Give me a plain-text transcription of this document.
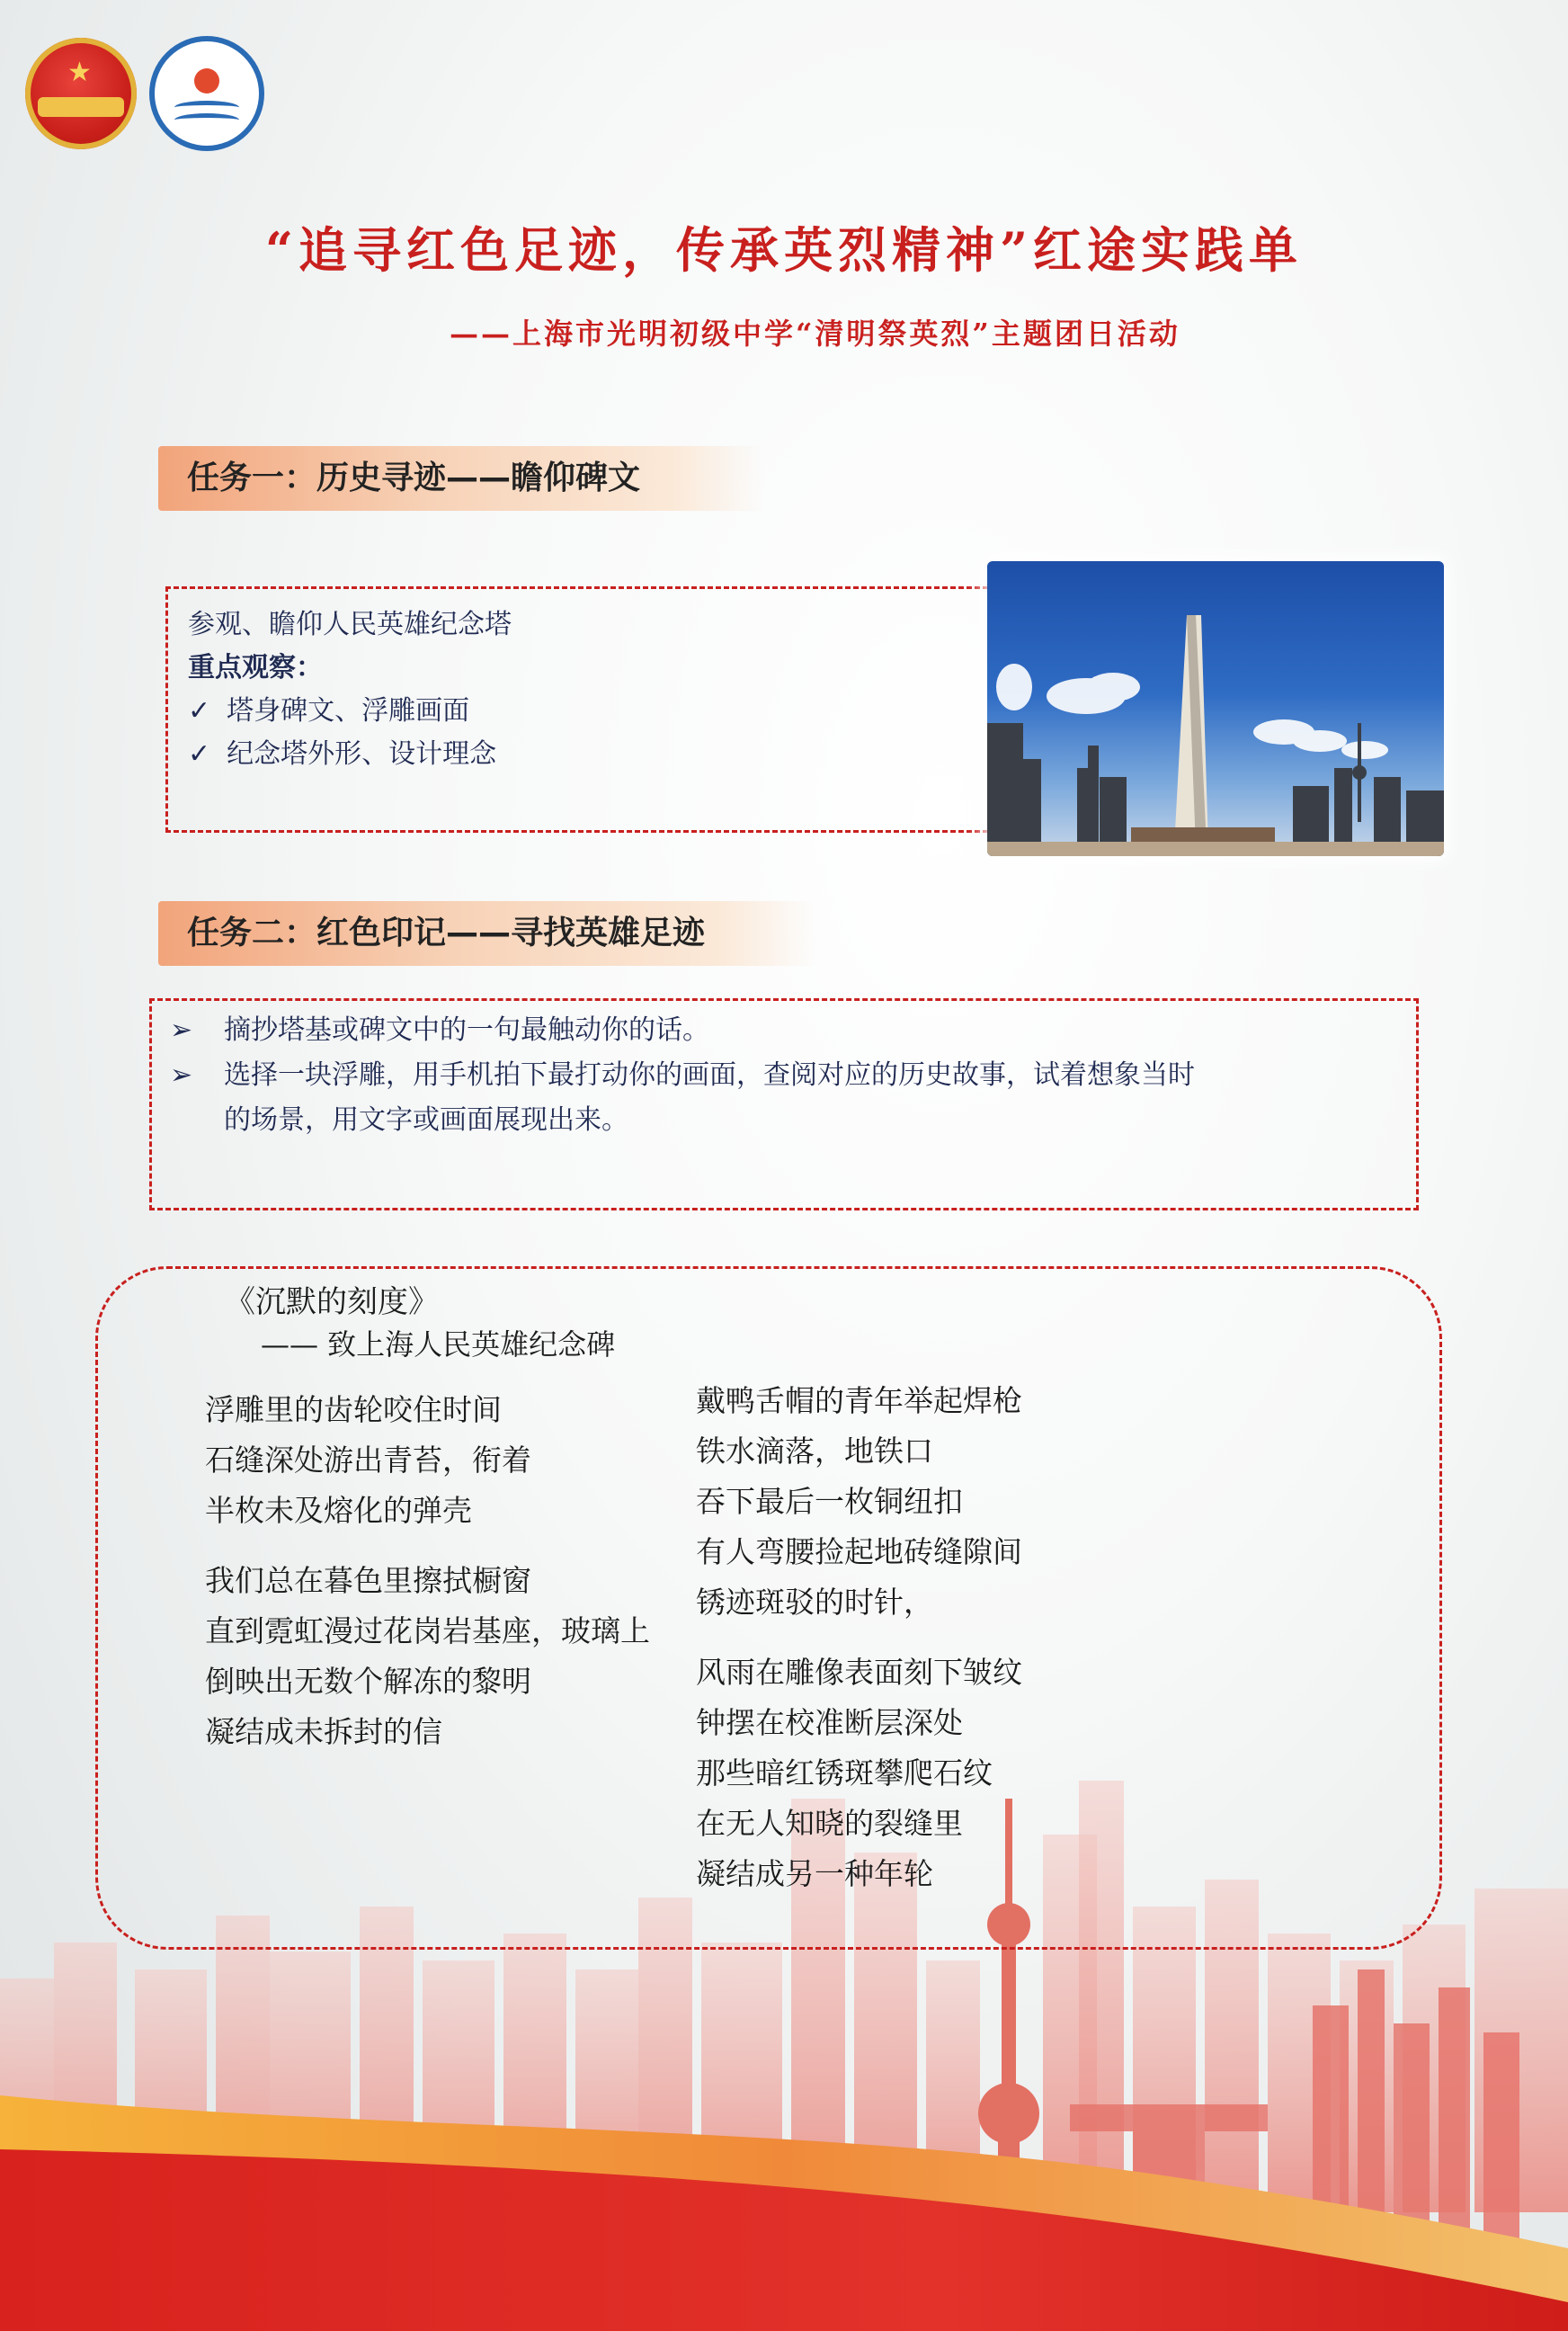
★
“追寻红色足迹，传承英烈精神”红途实践单
——上海市光明初级中学“清明祭英烈”主题团日活动
任务一：历史寻迹——瞻仰碑文
参观、瞻仰人民英雄纪念塔
重点观察：
✓ 塔身碑文、浮雕画面
✓ 纪念塔外形、设计理念
任务二：红色印记——寻找英雄足迹
➢ 摘抄塔基或碑文中的一句最触动你的话。
➢ 选择一块浮雕，用手机拍下最打动你的画面，查阅对应的历史故事，试着想象当时
的场景，用文字或画面展现出来。
《沉默的刻度》
—— 致上海人民英雄纪念碑
浮雕里的齿轮咬住时间
石缝深处游出青苔，衔着
半枚未及熔化的弹壳
我们总在暮色里擦拭橱窗
直到霓虹漫过花岗岩基座，玻璃上
倒映出无数个解冻的黎明
凝结成未拆封的信
戴鸭舌帽的青年举起焊枪
铁水滴落，地铁口
吞下最后一枚铜纽扣
有人弯腰捡起地砖缝隙间
锈迹斑驳的时针，
风雨在雕像表面刻下皱纹
钟摆在校准断层深处
那些暗红锈斑攀爬石纹
在无人知晓的裂缝里
凝结成另一种年轮
